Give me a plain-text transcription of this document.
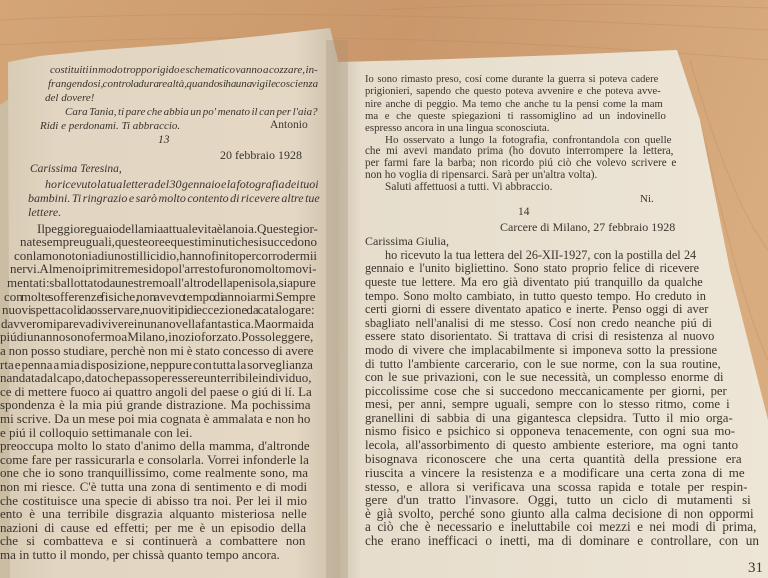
costituiti in modo troppo rigido e schematico vanno a cozzare, in-
frangendosi, contro la dura realtà, quando si ha una vigile coscienza
del dovere!
Cara Tania, ti pare che abbia un po' menato il can per l'aia?
Ridi e perdonami. Ti abbraccio.	Antonio
13
20 febbraio 1928
Carissima Teresina,
ho ricevuto la tua lettera del 30 gennaio e la fotografia dei tuoi
bambini. Ti ringrazio e sarò molto contento di ricevere altre tue
lettere.
Il peggiore guaio della mia attuale vita è la noia. Queste gior-
nate sempre uguali, queste ore e questi minuti che si succedono
con la monotonia di uno stillicidio, hanno finito per corrodermi i
nervi. Almeno i primi tre mesi dopo l'arresto furono molto movi-
mentati: sballottato da un estremo all'altro della penisola, sia pure
con molte sofferenze fisiche, non avevo tempo di annoiarmi. Sempre
nuovi spettacoli da osservare, nuovi tipi di eccezione da catalogare:
davvero mi pareva di vivere in una novella fantastica. Ma ormai da
piú di un anno sono fermo a Milano, in ozio forzato. Posso leggere,
a non posso studiare, perchè non mi è stato concesso di avere
rta e penna a mia disposizione, neppure con tutta la sorveglianza
nandata dal capo, dato che passo per essere un terribile individuo,
ce di mettere fuoco ai quattro angoli del paese o giú di lí. La
spondenza è la mia piú grande distrazione. Ma pochissima
mi scrive. Da un mese poi mia cognata è ammalata e non ho
e piú il colloquio settimanale con lei.
preoccupa molto lo stato d'animo della mamma, d'altronde
come fare per rassicurarla e consolarla. Vorrei infonderle la
one che io sono tranquillissimo, come realmente sono, ma
non mi riesce. C'è tutta una zona di sentimento e di modi
che costituisce una specie di abisso tra noi. Per lei il mio
ento è una terribile disgrazia alquanto misteriosa nelle
nazioni di cause ed effetti; per me è un episodio della
che si combatteva e si continuerà a combattere non
ma in tutto il mondo, per chissà quanto tempo ancora.
Io sono rimasto preso, cosí come durante la guerra si poteva cadere
prigionieri, sapendo che questo poteva avvenire e che poteva avve-
nire anche di peggio. Ma temo che anche tu la pensi come la mam
ma e che queste spiegazioni ti rassomiglino ad un indovinello
espresso ancora in una lingua sconosciuta.
Ho osservato a lungo la fotografia, confrontandola con quelle
che mi avevi mandato prima (ho dovuto interrompere la lettera,
per farmi fare la barba; non ricordo piú ciò che volevo scrivere e
non ho voglia di ripensarci. Sarà per un'altra volta).
Saluti affettuosi a tutti. Vi abbraccio.
Ni.
14
Carcere di Milano, 27 febbraio 1928
Carissima Giulia,
ho ricevuto la tua lettera del 26-XII-1927, con la postilla del 24
gennaio e l'unito bigliettino. Sono stato proprio felice di ricevere
queste tue lettere. Ma ero già diventato piú tranquillo da qualche
tempo. Sono molto cambiato, in tutto questo tempo. Ho creduto in
certi giorni di essere diventato apatico e inerte. Penso oggi di aver
sbagliato nell'analisi di me stesso. Cosí non credo neanche piú di
essere stato disorientato. Si trattava di crisi di resistenza al nuovo
modo di vivere che implacabilmente si imponeva sotto la pressione
di tutto l'ambiente carcerario, con le sue norme, con la sua routine,
con le sue privazioni, con le sue necessità, un complesso enorme di
piccolissime cose che si succedono meccanicamente per giorni, per
mesi, per anni, sempre uguali, sempre con lo stesso ritmo, come i
granellini di sabbia di una gigantesca clepsidra. Tutto il mio orga-
nismo fisico e psichico si opponeva tenacemente, con ogni sua mo-
lecola, all'assorbimento di questo ambiente esteriore, ma ogni tanto
bisognava riconoscere che una certa quantità della pressione era
riuscita a vincere la resistenza e a modificare una certa zona di me
stesso, e allora si verificava una scossa rapida e totale per respin-
gere d'un tratto l'invasore. Oggi, tutto un ciclo di mutamenti si
è già svolto, perché sono giunto alla calma decisione di non oppormi
a ciò che è necessario e ineluttabile coi mezzi e nei modi di prima,
che erano inefficaci o inetti, ma di dominare e controllare, con un
31
